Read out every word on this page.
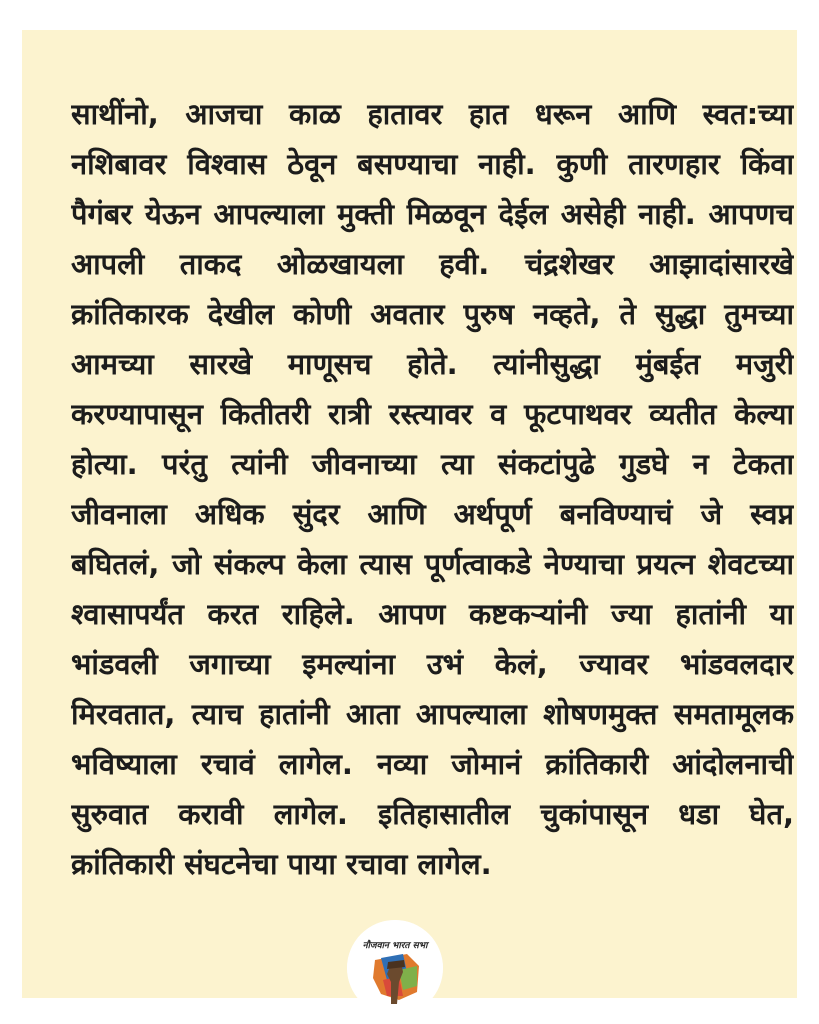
साथींनो, आजचा काळ हातावर हात धरून आणि स्वत:च्या
नशिबावर विश्वास ठेवून बसण्याचा नाही. कुणी तारणहार किंवा
पैगंबर येऊन आपल्याला मुक्ती मिळवून देईल असेही नाही. आपणच
आपली ताकद ओळखायला हवी. चंद्रशेखर आझादांसारखे
क्रांतिकारक देखील कोणी अवतार पुरुष नव्हते, ते सुद्धा तुमच्या
आमच्या सारखे माणूसच होते. त्यांनीसुद्धा मुंबईत मजुरी
करण्यापासून कितीतरी रात्री रस्त्यावर व फूटपाथवर व्यतीत केल्या
होत्या. परंतु त्यांनी जीवनाच्या त्या संकटांपुढे गुडघे न टेकता
जीवनाला अधिक सुंदर आणि अर्थपूर्ण बनविण्याचं जे स्वप्न
बघितलं, जो संकल्प केला त्यास पूर्णत्वाकडे नेण्याचा प्रयत्न शेवटच्या
श्वासापर्यंत करत राहिले. आपण कष्टकऱ्यांनी ज्या हातांनी या
भांडवली जगाच्या इमल्यांना उभं केलं, ज्यावर भांडवलदार
मिरवतात, त्याच हातांनी आता आपल्याला शोषणमुक्त समतामूलक
भविष्याला रचावं लागेल. नव्या जोमानं क्रांतिकारी आंदोलनाची
सुरुवात करावी लागेल. इतिहासातील चुकांपासून धडा घेत,
क्रांतिकारी संघटनेचा पाया रचावा लागेल.
नौजवान भारत सभा
